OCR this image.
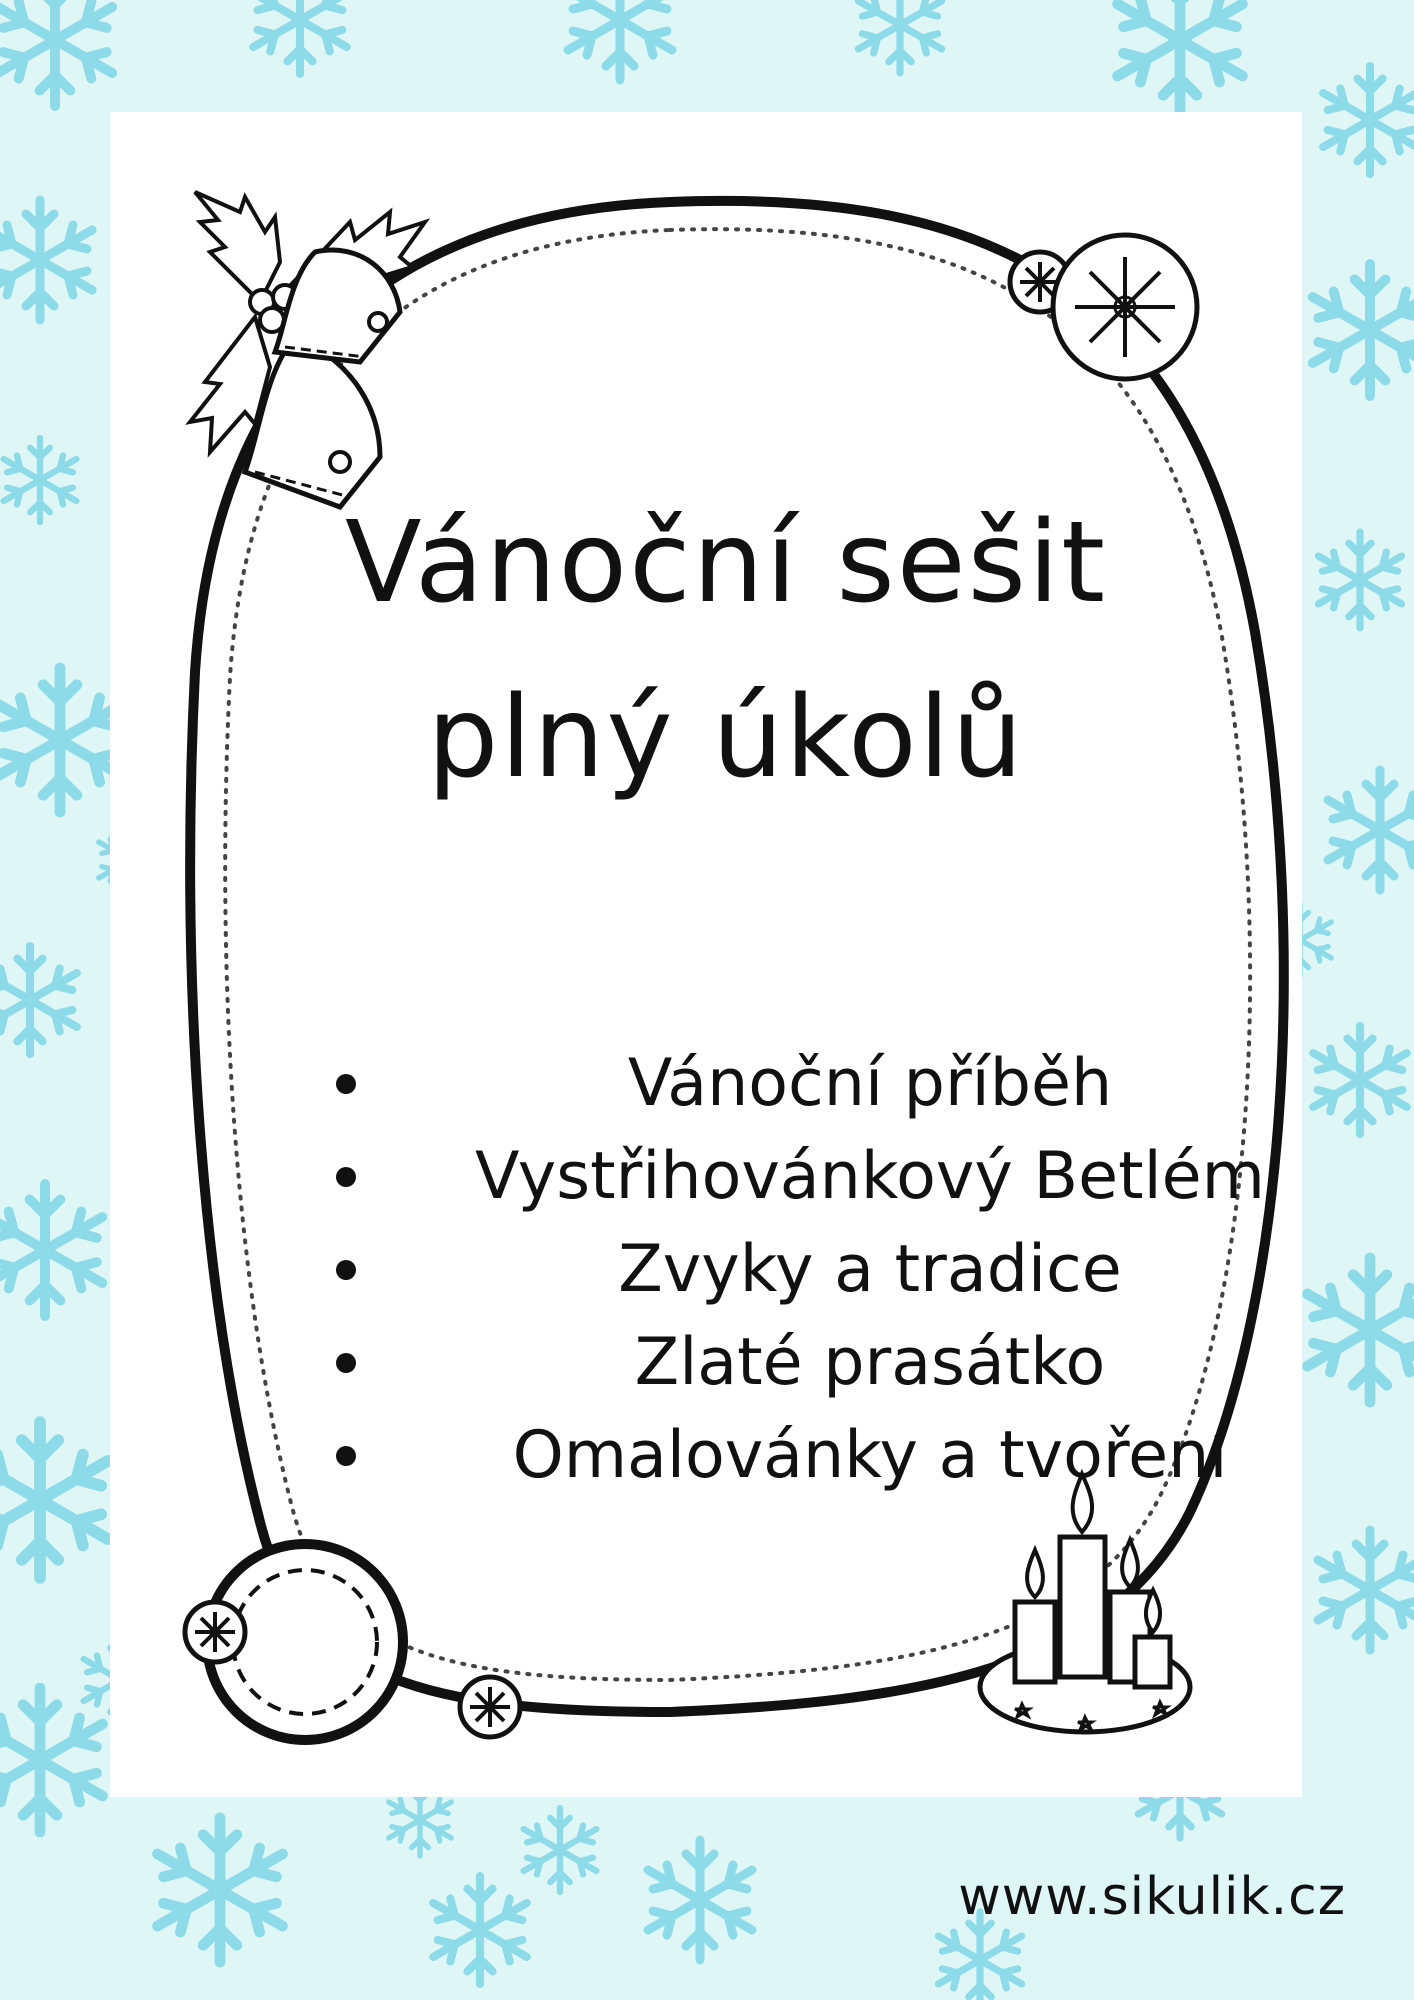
Vánoční sešit
plný úkolů
Vánoční příběh
Vystřihovánkový Betlém
Zvyky a tradice
Zlaté prasátko
Omalovánky a tvoření
www.sikulik.cz
